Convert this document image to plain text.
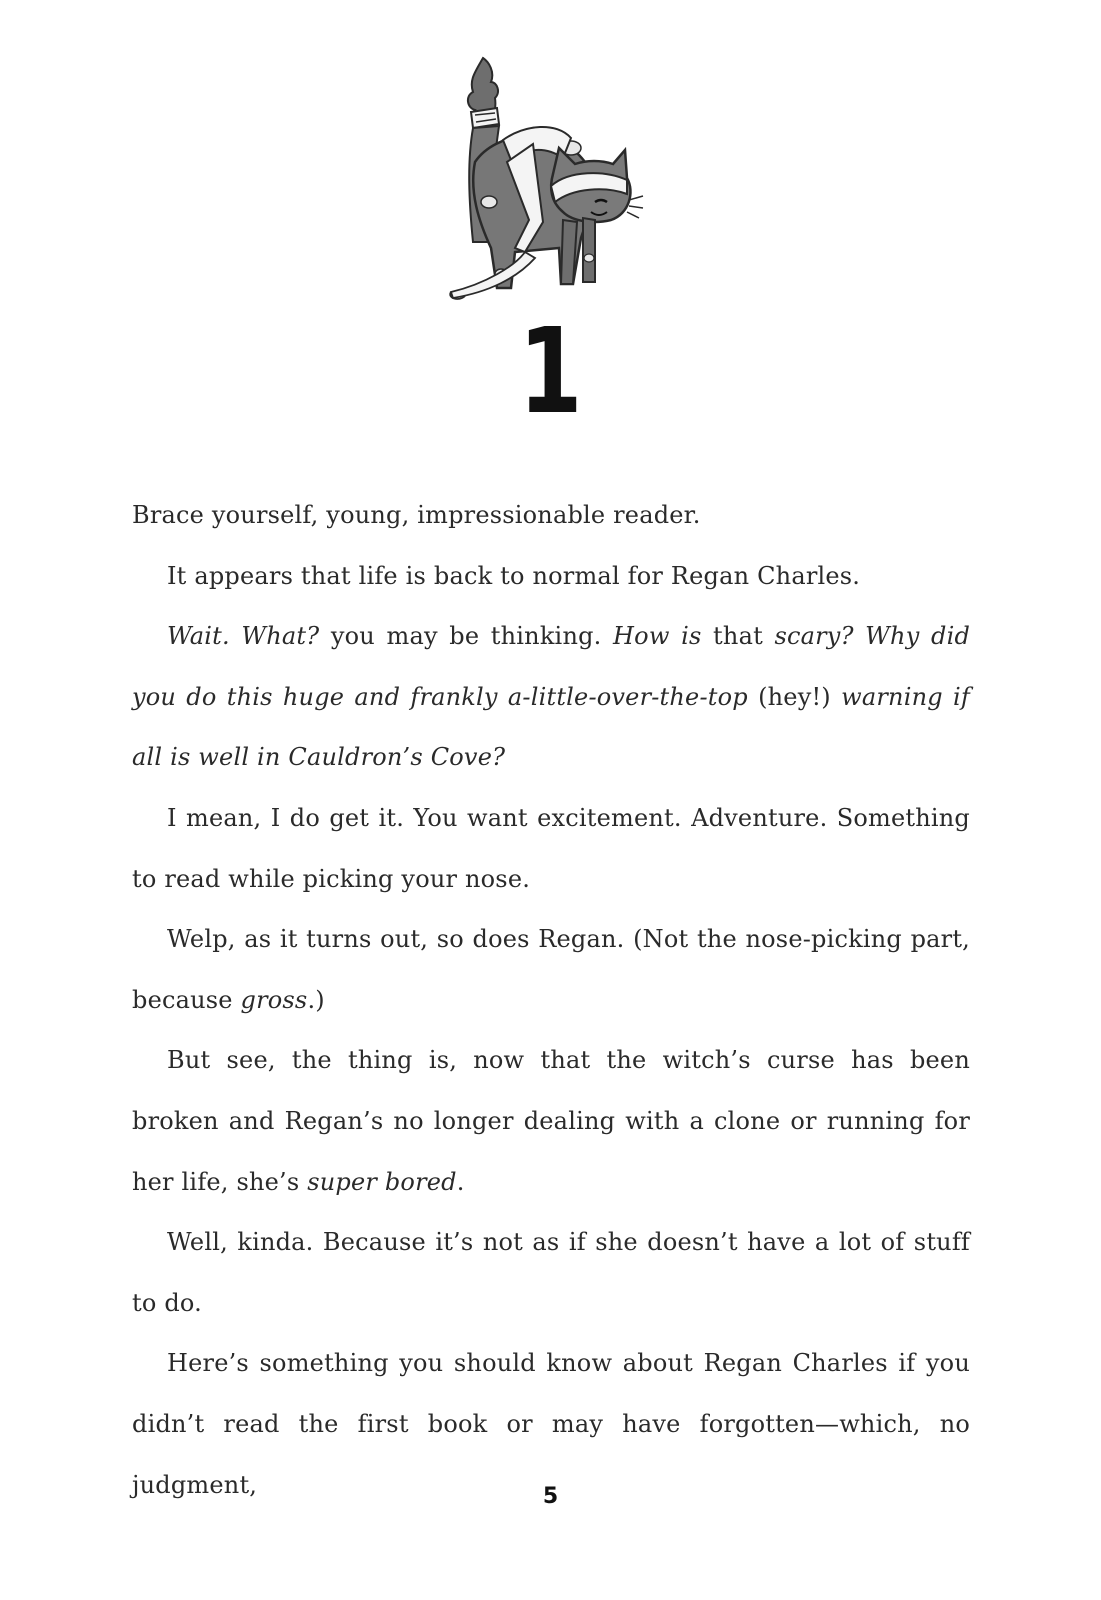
1

Brace yourself, young, impressionable reader.

It appears that life is back to normal for Regan Charles.

Wait. What? you may be thinking. How is that scary? Why did you do this huge and frankly a-little-over-the-top (hey!) warning if all is well in Cauldron’s Cove?

I mean, I do get it. You want excitement. Adventure. Something to read while picking your nose.

Welp, as it turns out, so does Regan. (Not the nose-picking part, because gross.)

But see, the thing is, now that the witch’s curse has been broken and Regan’s no longer dealing with a clone or running for her life, she’s super bored.

Well, kinda. Because it’s not as if she doesn’t have a lot of stuff to do.

Here’s something you should know about Regan Charles if you didn’t read the first book or may have forgotten—which, no judgment,	5
